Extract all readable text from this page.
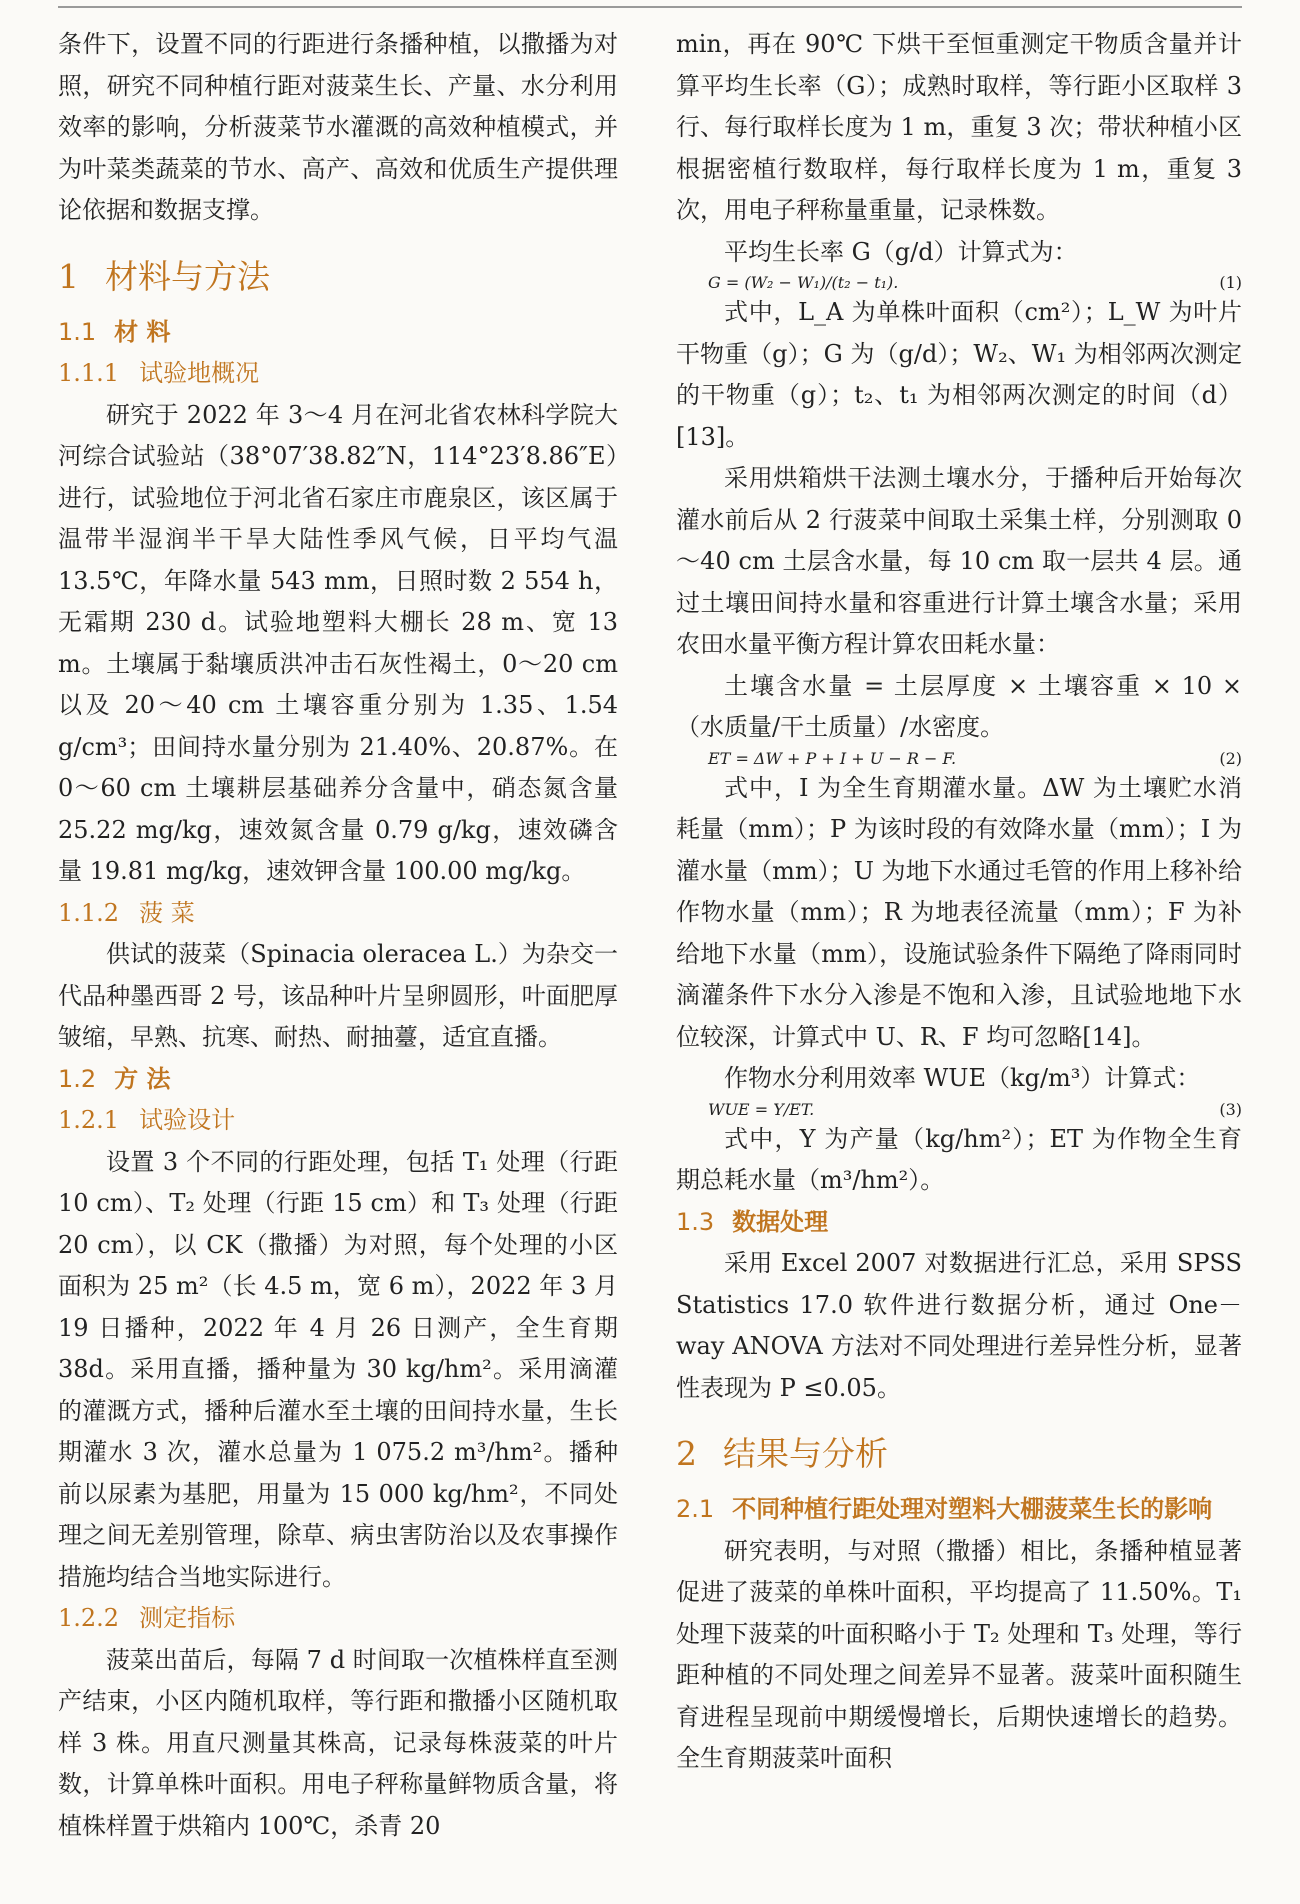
条件下，设置不同的行距进行条播种植，以撒播为对照，研究不同种植行距对菠菜生长、产量、水分利用效率的影响，分析菠菜节水灌溉的高效种植模式，并为叶菜类蔬菜的节水、高产、高效和优质生产提供理论依据和数据支撑。

1 材料与方法
1.1 材 料
1.1.1 试验地概况

研究于 2022 年 3～4 月在河北省农林科学院大河综合试验站（38°07′38.82″N，114°23′8.86″E）进行，试验地位于河北省石家庄市鹿泉区，该区属于温带半湿润半干旱大陆性季风气候，日平均气温 13.5℃，年降水量 543 mm，日照时数 2 554 h，无霜期 230 d。试验地塑料大棚长 28 m、宽 13 m。土壤属于黏壤质洪冲击石灰性褐土，0～20 cm 以及 20～40 cm 土壤容重分别为 1.35、1.54 g/cm³；田间持水量分别为 21.40%、20.87%。在 0～60 cm 土壤耕层基础养分含量中，硝态氮含量 25.22 mg/kg，速效氮含量 0.79 g/kg，速效磷含量 19.81 mg/kg，速效钾含量 100.00 mg/kg。

1.1.2 菠 菜

供试的菠菜（Spinacia oleracea L.）为杂交一代品种墨西哥 2 号，该品种叶片呈卵圆形，叶面肥厚皱缩，早熟、抗寒、耐热、耐抽薹，适宜直播。

1.2 方 法
1.2.1 试验设计

设置 3 个不同的行距处理，包括 T₁ 处理（行距 10 cm）、T₂ 处理（行距 15 cm）和 T₃ 处理（行距 20 cm），以 CK（撒播）为对照，每个处理的小区面积为 25 m²（长 4.5 m，宽 6 m），2022 年 3 月 19 日播种，2022 年 4 月 26 日测产，全生育期 38d。采用直播，播种量为 30 kg/hm²。采用滴灌的灌溉方式，播种后灌水至土壤的田间持水量，生长期灌水 3 次，灌水总量为 1 075.2 m³/hm²。播种前以尿素为基肥，用量为 15 000 kg/hm²，不同处理之间无差别管理，除草、病虫害防治以及农事操作措施均结合当地实际进行。

1.2.2 测定指标

菠菜出苗后，每隔 7 d 时间取一次植株样直至测产结束，小区内随机取样，等行距和撒播小区随机取样 3 株。用直尺测量其株高，记录每株菠菜的叶片数，计算单株叶面积。用电子秤称量鲜物质含量，将植株样置于烘箱内 100℃，杀青 20

min，再在 90℃ 下烘干至恒重测定干物质含量并计算平均生长率（G）；成熟时取样，等行距小区取样 3 行、每行取样长度为 1 m，重复 3 次；带状种植小区根据密植行数取样，每行取样长度为 1 m，重复 3 次，用电子秤称量重量，记录株数。

平均生长率 G（g/d）计算式为：

G = (W₂ − W₁)/(t₂ − t₁).	(1)

式中，L_A 为单株叶面积（cm²）；L_W 为叶片干物重（g）；G 为（g/d）；W₂、W₁ 为相邻两次测定的干物重（g）；t₂、t₁ 为相邻两次测定的时间（d）[13]。

采用烘箱烘干法测土壤水分，于播种后开始每次灌水前后从 2 行菠菜中间取土采集土样，分别测取 0～40 cm 土层含水量，每 10 cm 取一层共 4 层。通过土壤田间持水量和容重进行计算土壤含水量；采用农田水量平衡方程计算农田耗水量：

土壤含水量 = 土层厚度 × 土壤容重 × 10 ×（水质量/干土质量）/水密度。

ET = ΔW + P + I + U − R − F.	(2)

式中，I 为全生育期灌水量。ΔW 为土壤贮水消耗量（mm）；P 为该时段的有效降水量（mm）；I 为灌水量（mm）；U 为地下水通过毛管的作用上移补给作物水量（mm）；R 为地表径流量（mm）；F 为补给地下水量（mm），设施试验条件下隔绝了降雨同时滴灌条件下水分入渗是不饱和入渗，且试验地地下水位较深，计算式中 U、R、F 均可忽略[14]。

作物水分利用效率 WUE（kg/m³）计算式：

WUE = Y/ET.	(3)

式中，Y 为产量（kg/hm²）；ET 为作物全生育期总耗水量（m³/hm²）。

1.3 数据处理

采用 Excel 2007 对数据进行汇总，采用 SPSS Statistics 17.0 软件进行数据分析，通过 One－way ANOVA 方法对不同处理进行差异性分析，显著性表现为 P ≤0.05。

2 结果与分析
2.1 不同种植行距处理对塑料大棚菠菜生长的影响

研究表明，与对照（撒播）相比，条播种植显著促进了菠菜的单株叶面积，平均提高了 11.50%。T₁ 处理下菠菜的叶面积略小于 T₂ 处理和 T₃ 处理，等行距种植的不同处理之间差异不显著。菠菜叶面积随生育进程呈现前中期缓慢增长，后期快速增长的趋势。全生育期菠菜叶面积
